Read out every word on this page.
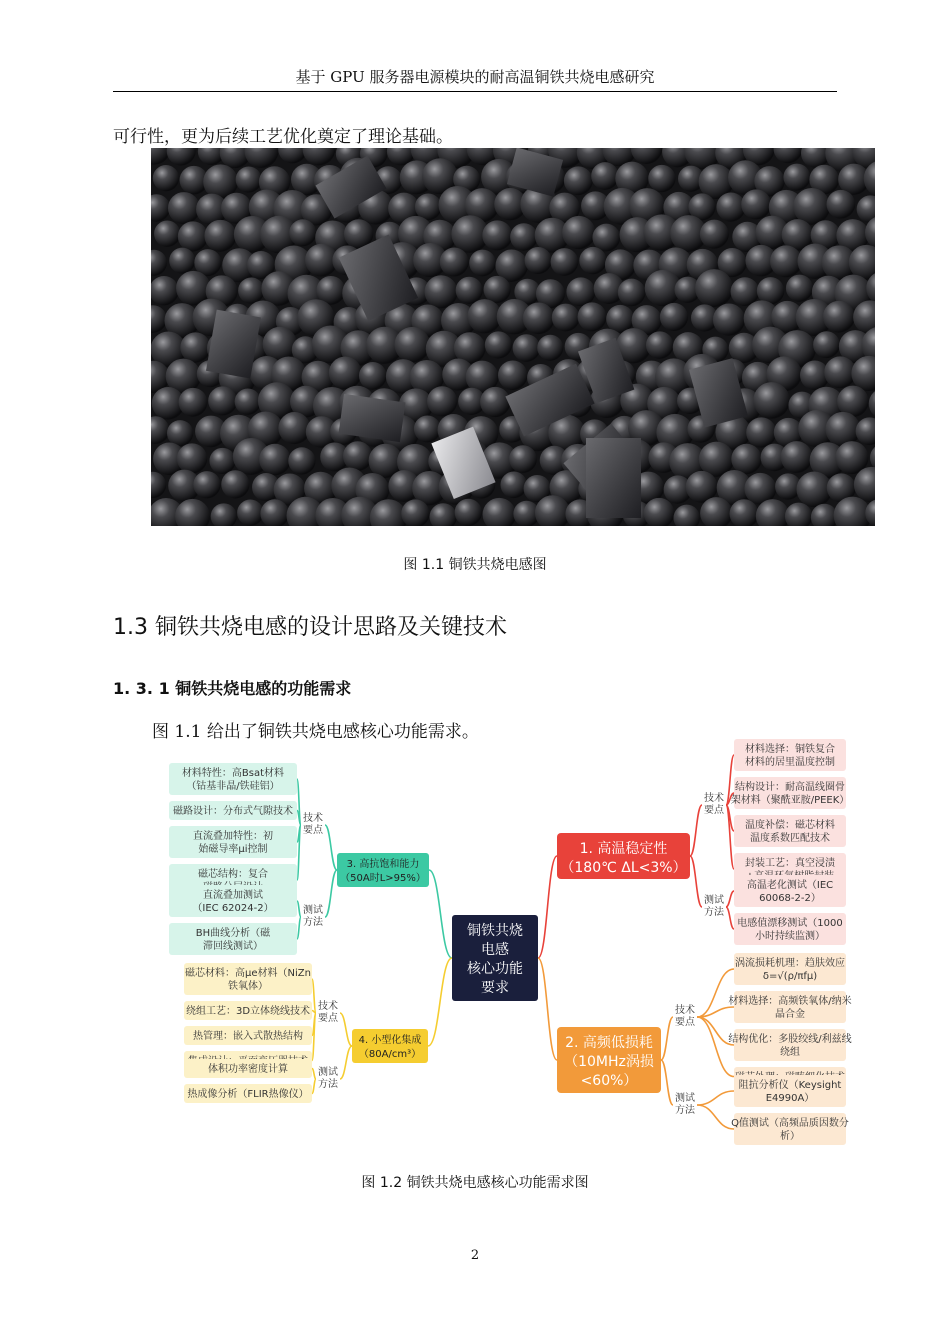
基于 GPU 服务器电源模块的耐高温铜铁共烧电感研究
可行性，更为后续工艺优化奠定了理论基础。
图 1.1 铜铁共烧电感图
1.3 铜铁共烧电感的设计思路及关键技术
1. 3. 1 铜铁共烧电感的功能需求
图 1.1 给出了铜铁共烧电感核心功能需求。
铜铁共烧电感核心功能要求
1. 高温稳定性（180℃ ΔL<3%）
技术要点
测试方法
材料选择：铜铁复合材料的居里温度控制
结构设计：耐高温线圈骨架材料（聚酰亚胺/PEEK）
温度补偿：磁芯材料温度系数匹配技术
封装工艺：真空浸渍
高温老化测试（IEC 60068-2-2）
电感值漂移测试（1000 小时持续监测）
2. 高频低损耗（10MHz涡损<60%）
技术要点
测试方法
涡流损耗机理：趋肤效应 δ=√(ρ/πfμ)
材料选择：高频铁氧体/纳米晶合金
结构优化：多股绞线/利兹线绕组
阻抗分析仪（Keysight E4990A）
Q值测试（高频品质因数分析）
3. 高抗饱和能力（50A时L>95%）
技术要点
测试方法
材料特性：高Bsat材料（钴基非晶/铁硅铝）
磁路设计：分布式气隙技术
直流叠加特性：初始磁导率μi控制
磁芯结构：复合
直流叠加测试（IEC 62024-2）
BH曲线分析（磁滞回线测试）
4. 小型化集成（80A/cm³）
技术要点
测试方法
磁芯材料：高μe材料（NiZn 铁氧体）
绕组工艺：3D立体绕线技术
热管理：嵌入式散热结构
体积功率密度计算
热成像分析（FLIR热像仪）
图 1.2 铜铁共烧电感核心功能需求图
2
